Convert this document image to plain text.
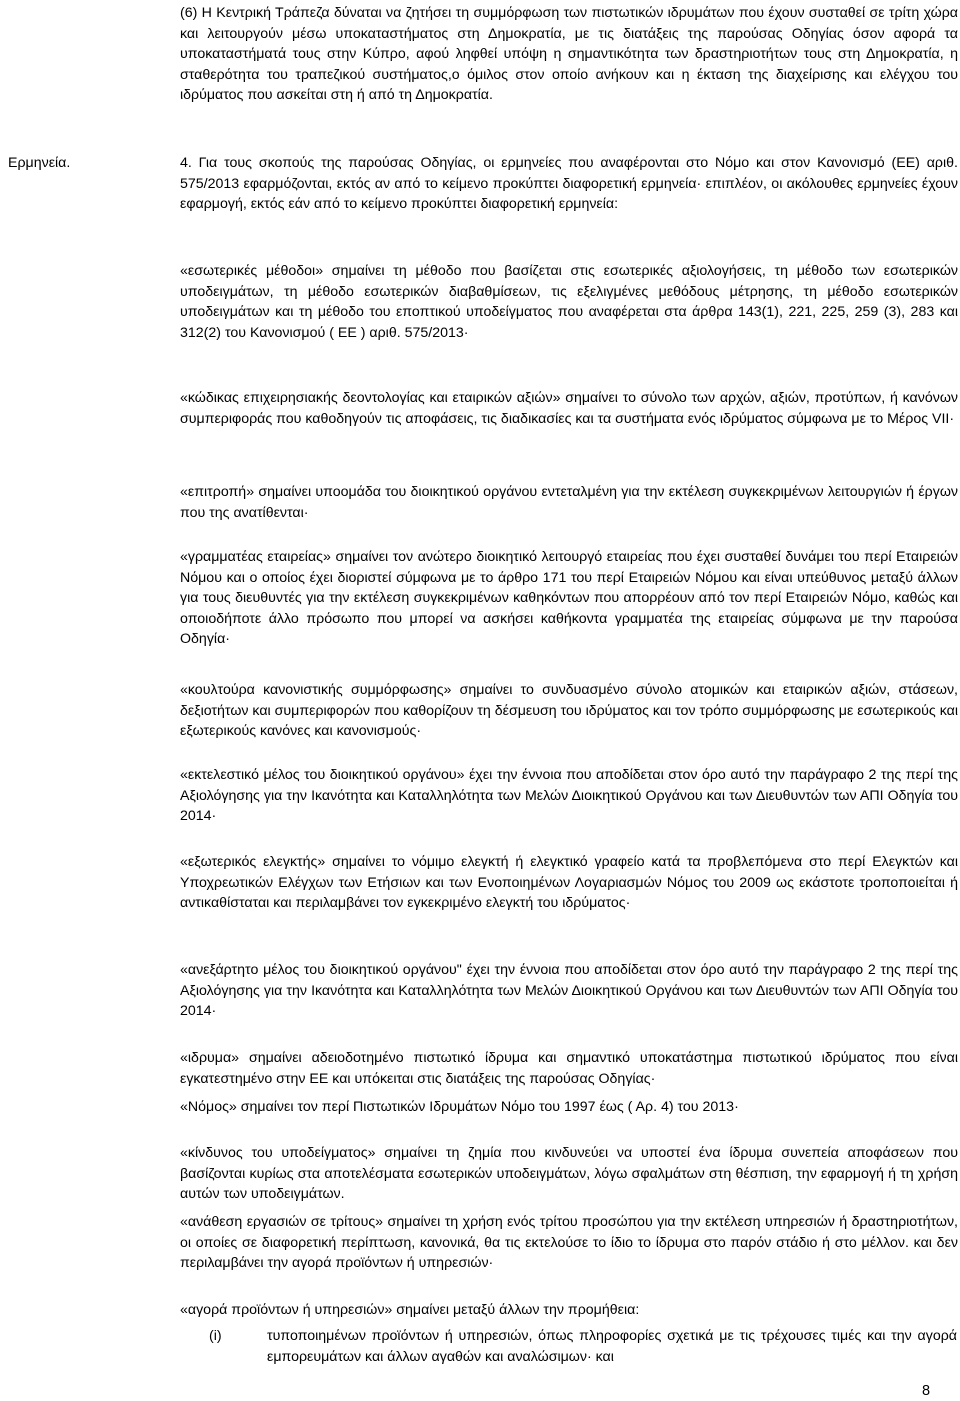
(6) Η Κεντρική Τράπεζα δύναται να ζητήσει τη συμμόρφωση των πιστωτικών ιδρυμάτων που έχουν συσταθεί σε τρίτη χώρα και λειτουργούν μέσω υποκαταστήματος στη Δημοκρατία, με τις διατάξεις της παρούσας Οδηγίας όσον αφορά τα υποκαταστήματά τους στην Κύπρο, αφού ληφθεί υπόψη η σημαντικότητα των δραστηριοτήτων τους στη Δημοκρατία, η σταθερότητα του τραπεζικού συστήματος,ο όμιλος στον οποίο ανήκουν και η έκταση της διαχείρισης και ελέγχου του ιδρύματος που ασκείται στη ή από τη Δημοκρατία.
Ερμηνεία.	4. Για τους σκοπούς της παρούσας Οδηγίας, οι ερμηνείες που αναφέρονται στο Νόμο και στον Κανονισμό (ΕΕ) αριθ. 575/2013 εφαρμόζονται, εκτός αν από το κείμενο προκύπτει διαφορετική ερμηνεία· επιπλέον, οι ακόλουθες ερμηνείες έχουν εφαρμογή, εκτός εάν από το κείμενο προκύπτει διαφορετική ερμηνεία:
«εσωτερικές μέθοδοι» σημαίνει τη μέθοδο που βασίζεται στις εσωτερικές αξιολογήσεις, τη μέθοδο των εσωτερικών υποδειγμάτων, τη μέθοδο εσωτερικών διαβαθμίσεων, τις εξελιγμένες μεθόδους μέτρησης, τη μέθοδο εσωτερικών υποδειγμάτων και τη μέθοδο του εποπτικού υποδείγματος που αναφέρεται στα άρθρα 143(1), 221, 225, 259 (3), 283 και 312(2) του Κανονισμού ( ΕΕ ) αριθ. 575/2013·
«κώδικας επιχειρησιακής δεοντολογίας και εταιρικών αξιών» σημαίνει το σύνολο των αρχών, αξιών, προτύπων, ή κανόνων συμπεριφοράς που καθοδηγούν τις αποφάσεις, τις διαδικασίες και τα συστήματα ενός ιδρύματος σύμφωνα με το Μέρος VII·
«επιτροπή» σημαίνει υποομάδα του διοικητικού οργάνου εντεταλμένη για την εκτέλεση συγκεκριμένων λειτουργιών ή έργων που της ανατίθενται·
«γραμματέας εταιρείας» σημαίνει τον ανώτερο διοικητικό λειτουργό εταιρείας που έχει συσταθεί δυνάμει του περί Εταιρειών Νόμου και ο οποίος έχει διοριστεί σύμφωνα με το άρθρο 171 του περί Εταιρειών Νόμου και είναι υπεύθυνος μεταξύ άλλων για τους διευθυντές για την εκτέλεση συγκεκριμένων καθηκόντων που απορρέουν από τον περί Εταιρειών Νόμο, καθώς και οποιοδήποτε άλλο πρόσωπο που μπορεί να ασκήσει καθήκοντα γραμματέα της εταιρείας σύμφωνα με την παρούσα Οδηγία·
«κουλτούρα κανονιστικής συμμόρφωσης» σημαίνει το συνδυασμένο σύνολο ατομικών και εταιρικών αξιών, στάσεων, δεξιοτήτων και συμπεριφορών που καθορίζουν τη δέσμευση του ιδρύματος και τον τρόπο συμμόρφωσης με εσωτερικούς και εξωτερικούς κανόνες και κανονισμούς·
«εκτελεστικό μέλος του διοικητικού οργάνου» έχει την έννοια που αποδίδεται στον όρο αυτό την παράγραφο 2 της περί της Αξιολόγησης για την Ικανότητα και Καταλληλότητα των Μελών Διοικητικού Οργάνου και των Διευθυντών των ΑΠΙ Οδηγία του 2014·
«εξωτερικός ελεγκτής» σημαίνει το νόμιμο ελεγκτή ή ελεγκτικό γραφείο κατά τα προβλεπόμενα στο περί Ελεγκτών και Υποχρεωτικών Ελέγχων των Ετήσιων και των Ενοποιημένων Λογαριασμών Νόμος του 2009 ως εκάστοτε τροποποιείται ή αντικαθίσταται και περιλαμβάνει τον εγκεκριμένο ελεγκτή του ιδρύματος·
«ανεξάρτητο μέλος του διοικητικού οργάνου" έχει την έννοια που αποδίδεται στον όρο αυτό την παράγραφο 2 της περί της Αξιολόγησης για την Ικανότητα και Καταλληλότητα των Μελών Διοικητικού Οργάνου και των Διευθυντών των ΑΠΙ Οδηγία του 2014·
«ιδρυμα» σημαίνει αδειοδοτημένο πιστωτικό ίδρυμα και σημαντικό υποκατάστημα πιστωτικού ιδρύματος που είναι εγκατεστημένο στην ΕΕ και υπόκειται στις διατάξεις της παρούσας Οδηγίας·
«Νόμος» σημαίνει τον περί Πιστωτικών Ιδρυμάτων Νόμο του 1997 έως ( Αρ. 4) του 2013·
«κίνδυνος του υποδείγματος» σημαίνει τη ζημία που κινδυνεύει να υποστεί ένα ίδρυμα συνεπεία αποφάσεων που βασίζονται κυρίως στα αποτελέσματα εσωτερικών υποδειγμάτων, λόγω σφαλμάτων στη θέσπιση, την εφαρμογή ή τη χρήση αυτών των υποδειγμάτων.
«ανάθεση εργασιών σε τρίτους» σημαίνει τη χρήση ενός τρίτου προσώπου για την εκτέλεση υπηρεσιών ή δραστηριοτήτων, οι οποίες σε διαφορετική περίπτωση, κανονικά, θα τις εκτελούσε το ίδιο το ίδρυμα στο παρόν στάδιο ή στο μέλλον. και δεν περιλαμβάνει την αγορά προϊόντων ή υπηρεσιών·
«αγορά προϊόντων ή υπηρεσιών» σημαίνει μεταξύ άλλων την προμήθεια:
(i)	τυποποιημένων προϊόντων ή υπηρεσιών, όπως πληροφορίες σχετικά με τις τρέχουσες τιμές και την αγορά εμπορευμάτων και άλλων αγαθών και αναλώσιμων· και
8
